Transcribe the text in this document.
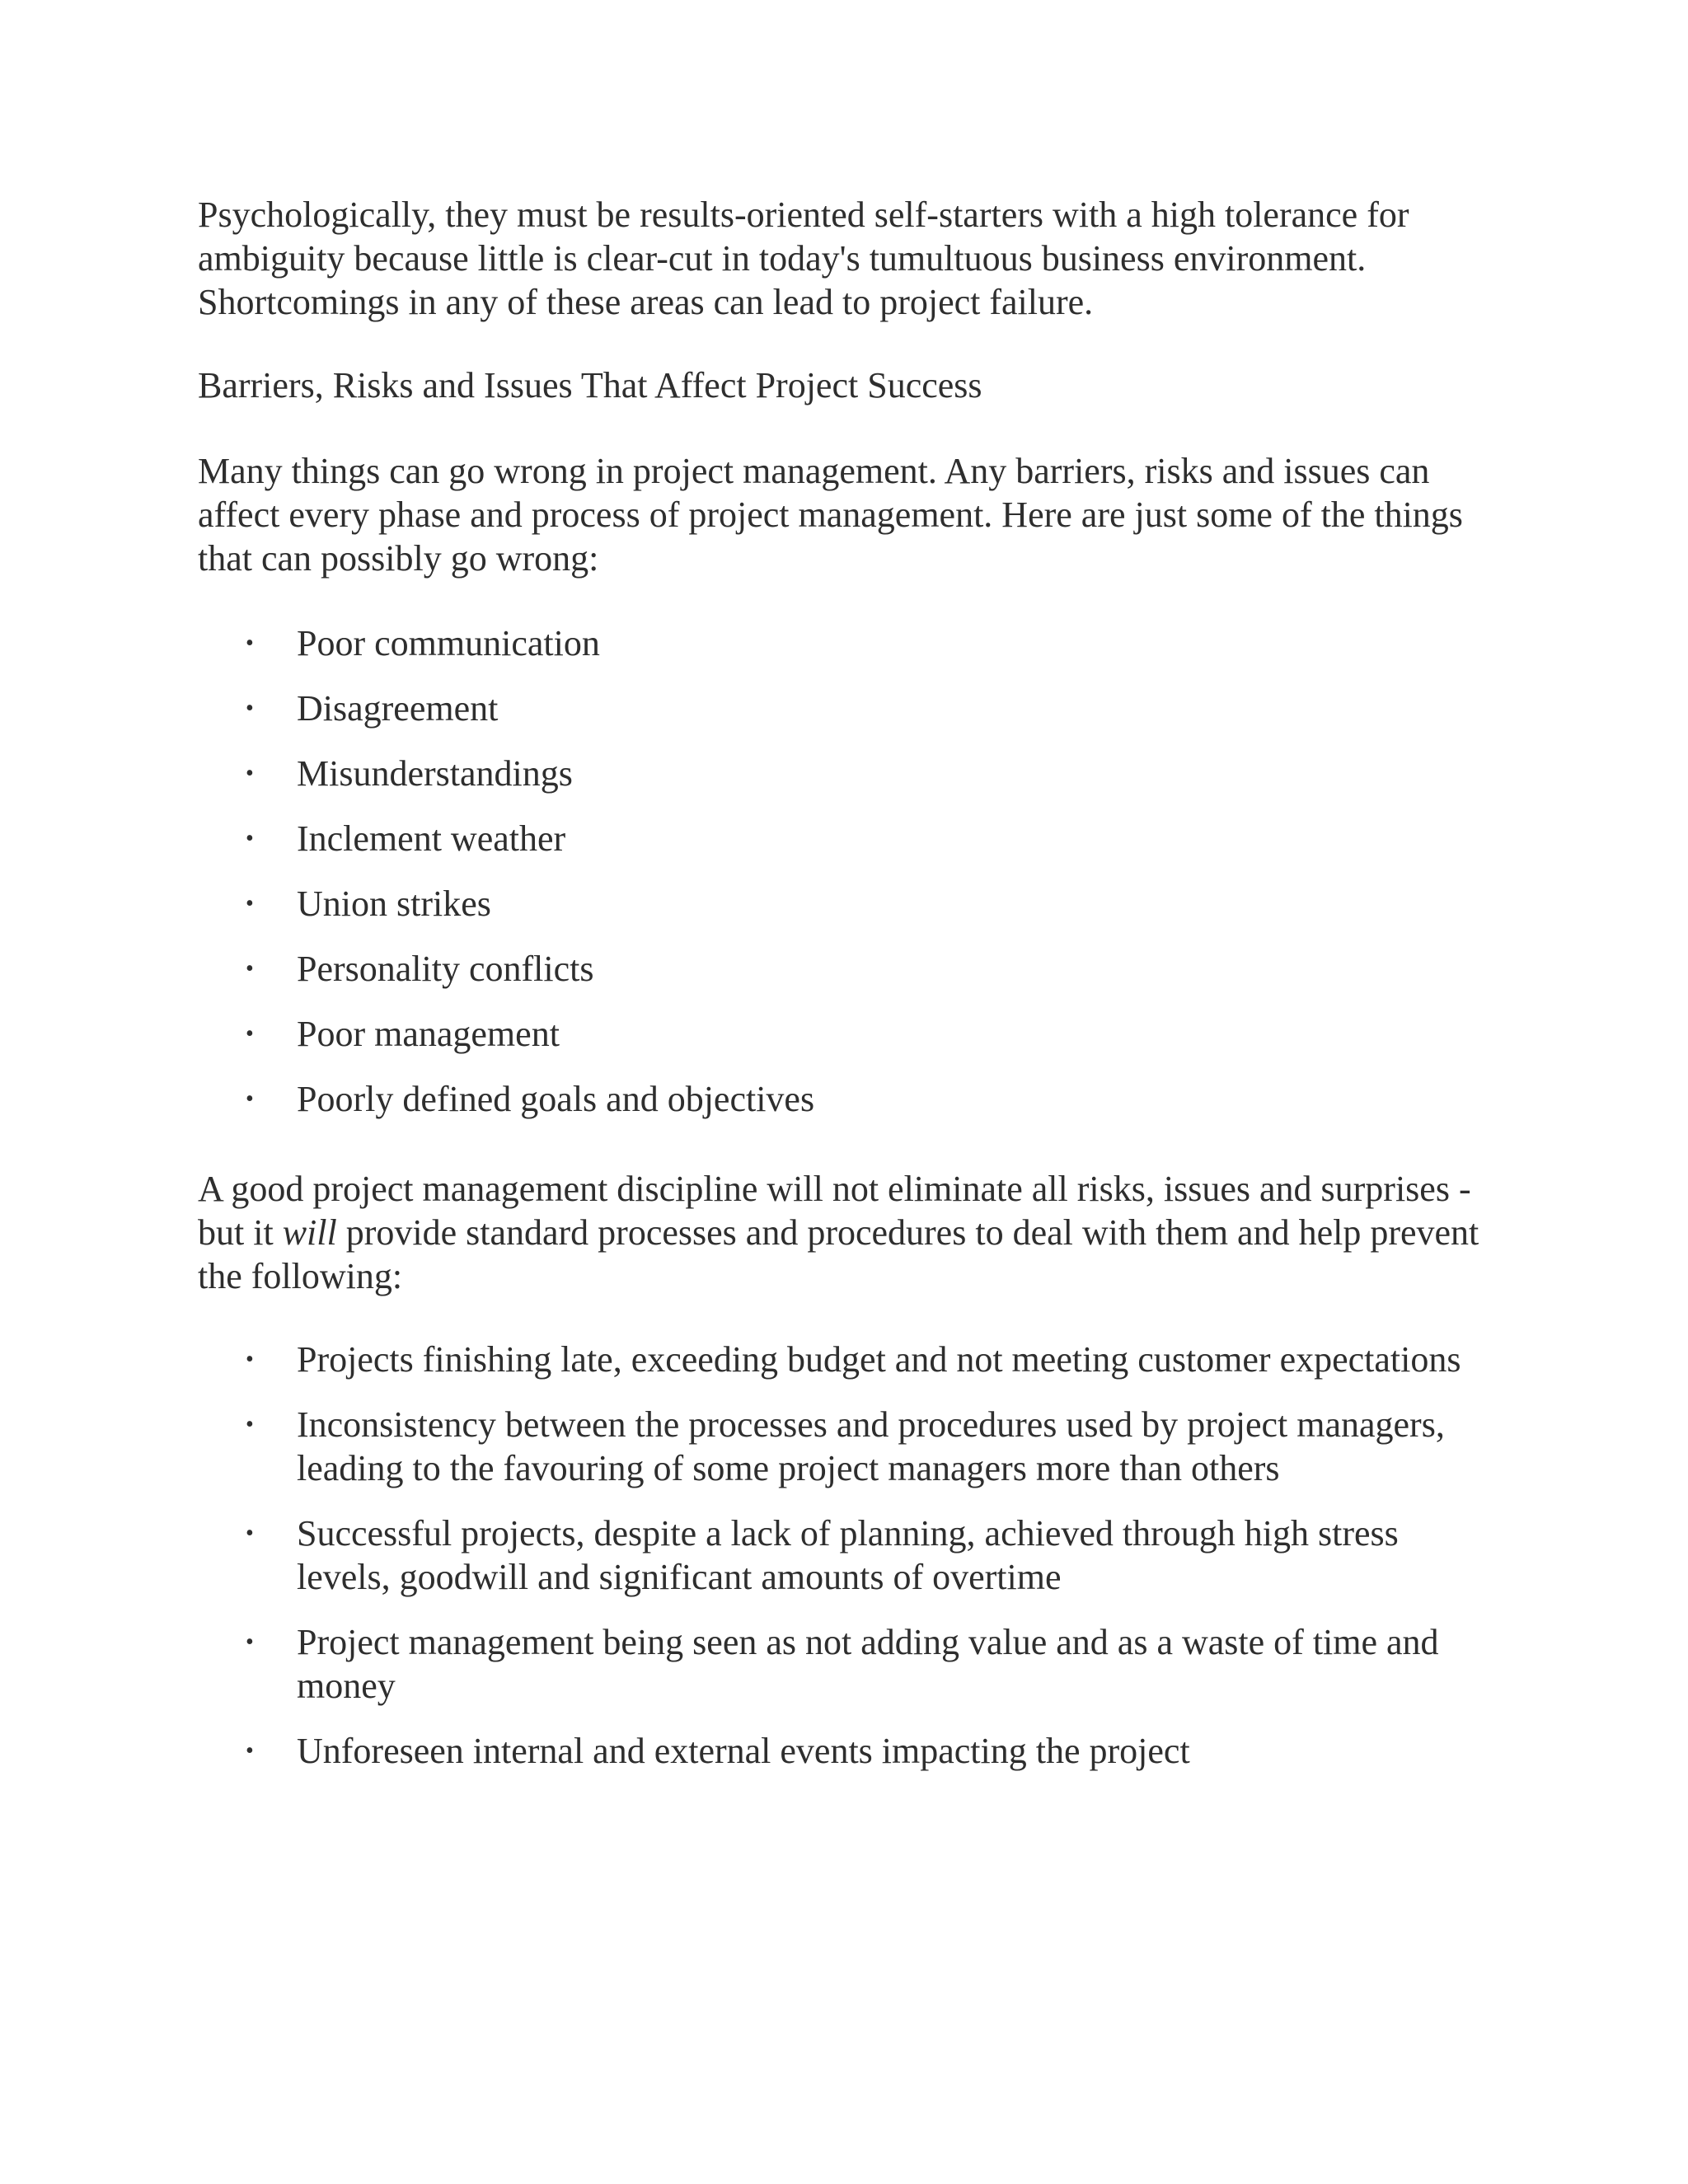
Psychologically, they must be results-oriented self-starters with a high tolerance for ambiguity because little is clear-cut in today's tumultuous business environment. Shortcomings in any of these areas can lead to project failure.

Barriers, Risks and Issues That Affect Project Success

Many things can go wrong in project management. Any barriers, risks and issues can affect every phase and process of project management. Here are just some of the things that can possibly go wrong:

• Poor communication
• Disagreement
• Misunderstandings
• Inclement weather
• Union strikes
• Personality conflicts
• Poor management
• Poorly defined goals and objectives

A good project management discipline will not eliminate all risks, issues and surprises - but it will provide standard processes and procedures to deal with them and help prevent the following:

• Projects finishing late, exceeding budget and not meeting customer expectations
• Inconsistency between the processes and procedures used by project managers, leading to the favouring of some project managers more than others
• Successful projects, despite a lack of planning, achieved through high stress levels, goodwill and significant amounts of overtime
• Project management being seen as not adding value and as a waste of time and money
• Unforeseen internal and external events impacting the project
